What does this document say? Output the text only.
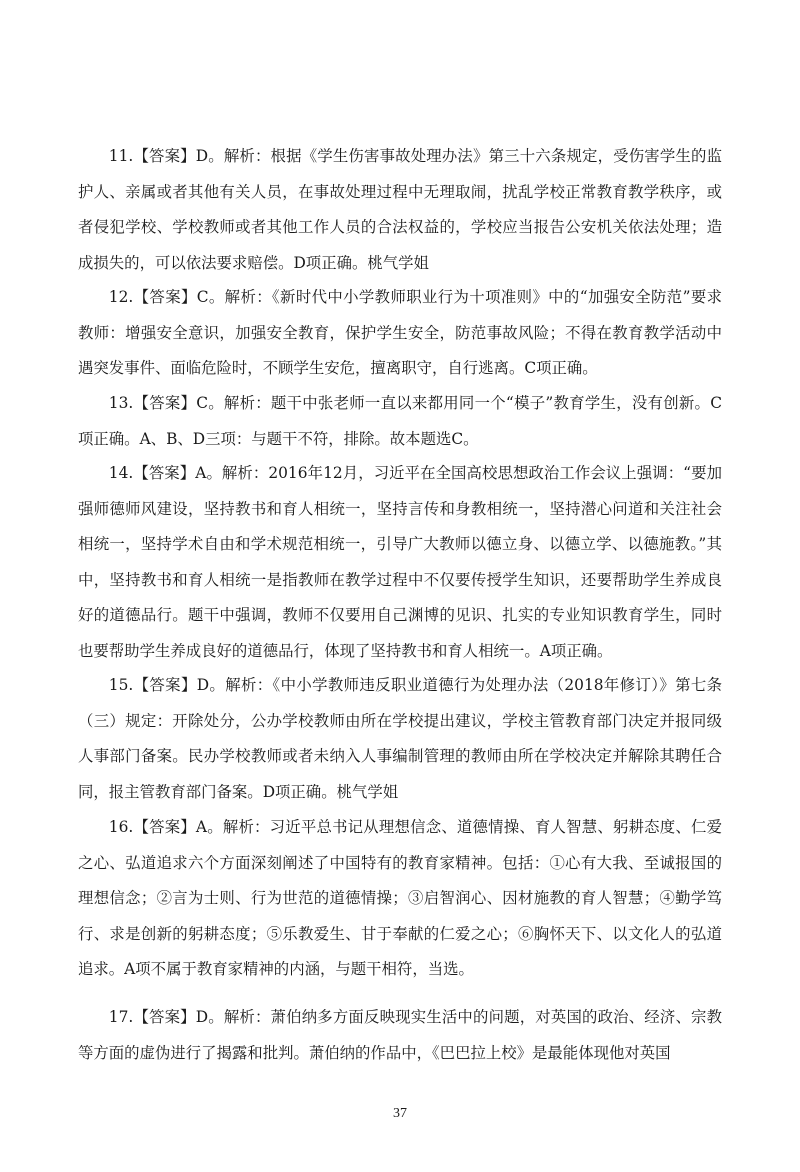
11.【答案】D。解析：根据《学生伤害事故处理办法》第三十六条规定，受伤害学生的监护人、亲属或者其他有关人员，在事故处理过程中无理取闹，扰乱学校正常教育教学秩序，或者侵犯学校、学校教师或者其他工作人员的合法权益的，学校应当报告公安机关依法处理；造成损失的，可以依法要求赔偿。D项正确。桃气学姐

12.【答案】C。解析：《新时代中小学教师职业行为十项准则》中的“加强安全防范”要求教师：增强安全意识，加强安全教育，保护学生安全，防范事故风险；不得在教育教学活动中遇突发事件、面临危险时，不顾学生安危，擅离职守，自行逃离。C项正确。

13.【答案】C。解析：题干中张老师一直以来都用同一个“模子”教育学生，没有创新。C项正确。A、B、D三项：与题干不符，排除。故本题选C。

14.【答案】A。解析：2016年12月，习近平在全国高校思想政治工作会议上强调：“要加强师德师风建设，坚持教书和育人相统一，坚持言传和身教相统一，坚持潜心问道和关注社会相统一，坚持学术自由和学术规范相统一，引导广大教师以德立身、以德立学、以德施教。”其中，坚持教书和育人相统一是指教师在教学过程中不仅要传授学生知识，还要帮助学生养成良好的道德品行。题干中强调，教师不仅要用自己渊博的见识、扎实的专业知识教育学生，同时也要帮助学生养成良好的道德品行，体现了坚持教书和育人相统一。A项正确。

15.【答案】D。解析：《中小学教师违反职业道德行为处理办法（2018年修订）》第七条（三）规定：开除处分，公办学校教师由所在学校提出建议，学校主管教育部门决定并报同级人事部门备案。民办学校教师或者未纳入人事编制管理的教师由所在学校决定并解除其聘任合同，报主管教育部门备案。D项正确。桃气学姐

16.【答案】A。解析：习近平总书记从理想信念、道德情操、育人智慧、躬耕态度、仁爱之心、弘道追求六个方面深刻阐述了中国特有的教育家精神。包括：①心有大我、至诚报国的理想信念；②言为士则、行为世范的道德情操；③启智润心、因材施教的育人智慧；④勤学笃行、求是创新的躬耕态度；⑤乐教爱生、甘于奉献的仁爱之心；⑥胸怀天下、以文化人的弘道追求。A项不属于教育家精神的内涵，与题干相符，当选。

17.【答案】D。解析：萧伯纳多方面反映现实生活中的问题，对英国的政治、经济、宗教等方面的虚伪进行了揭露和批判。萧伯纳的作品中，《巴巴拉上校》是最能体现他对英国

37
